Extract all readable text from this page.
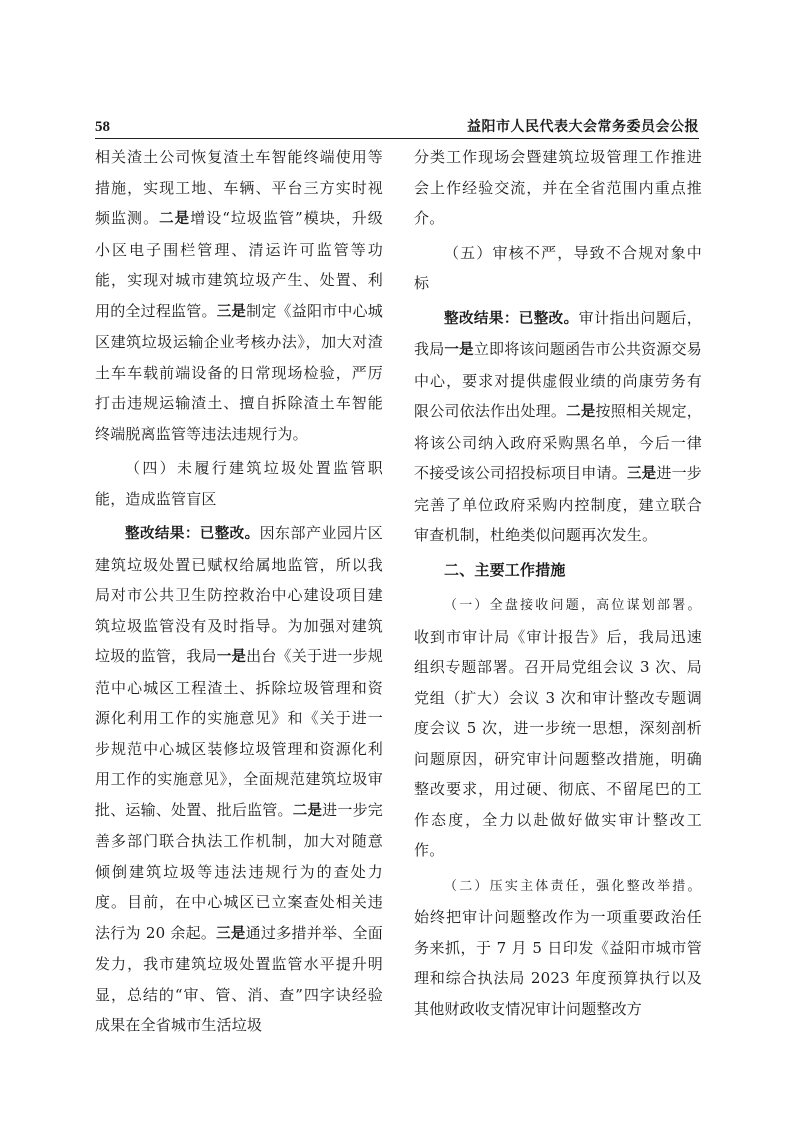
58	益阳市人民代表大会常务委员会公报

相关渣土公司恢复渣土车智能终端使用等措施，实现工地、车辆、平台三方实时视频监测。二是增设“垃圾监管”模块，升级小区电子围栏管理、清运许可监管等功能，实现对城市建筑垃圾产生、处置、利用的全过程监管。三是制定《益阳市中心城区建筑垃圾运输企业考核办法》，加大对渣土车车载前端设备的日常现场检验，严厉打击违规运输渣土、擅自拆除渣土车智能终端脱离监管等违法违规行为。

（四）未履行建筑垃圾处置监管职能，造成监管盲区

整改结果：已整改。因东部产业园片区建筑垃圾处置已赋权给属地监管，所以我局对市公共卫生防控救治中心建设项目建筑垃圾监管没有及时指导。为加强对建筑垃圾的监管，我局一是出台《关于进一步规范中心城区工程渣土、拆除垃圾管理和资源化利用工作的实施意见》和《关于进一步规范中心城区装修垃圾管理和资源化利用工作的实施意见》，全面规范建筑垃圾审批、运输、处置、批后监管。二是进一步完善多部门联合执法工作机制，加大对随意倾倒建筑垃圾等违法违规行为的查处力度。目前，在中心城区已立案查处相关违法行为 20 余起。三是通过多措并举、全面发力，我市建筑垃圾处置监管水平提升明显，总结的“审、管、消、查”四字诀经验成果在全省城市生活垃圾

分类工作现场会暨建筑垃圾管理工作推进会上作经验交流，并在全省范围内重点推介。

（五）审核不严，导致不合规对象中标

整改结果：已整改。审计指出问题后，我局一是立即将该问题函告市公共资源交易中心，要求对提供虚假业绩的尚康劳务有限公司依法作出处理。二是按照相关规定，将该公司纳入政府采购黑名单，今后一律不接受该公司招投标项目申请。三是进一步完善了单位政府采购内控制度，建立联合审查机制，杜绝类似问题再次发生。

二、主要工作措施

（一）全盘接收问题，高位谋划部署。收到市审计局《审计报告》后，我局迅速组织专题部署。召开局党组会议 3 次、局党组（扩大）会议 3 次和审计整改专题调度会议 5 次，进一步统一思想，深刻剖析问题原因，研究审计问题整改措施，明确整改要求，用过硬、彻底、不留尾巴的工作态度，全力以赴做好做实审计整改工作。

（二）压实主体责任，强化整改举措。始终把审计问题整改作为一项重要政治任务来抓，于 7 月 5 日印发《益阳市城市管理和综合执法局 2023 年度预算执行以及其他财政收支情况审计问题整改方
